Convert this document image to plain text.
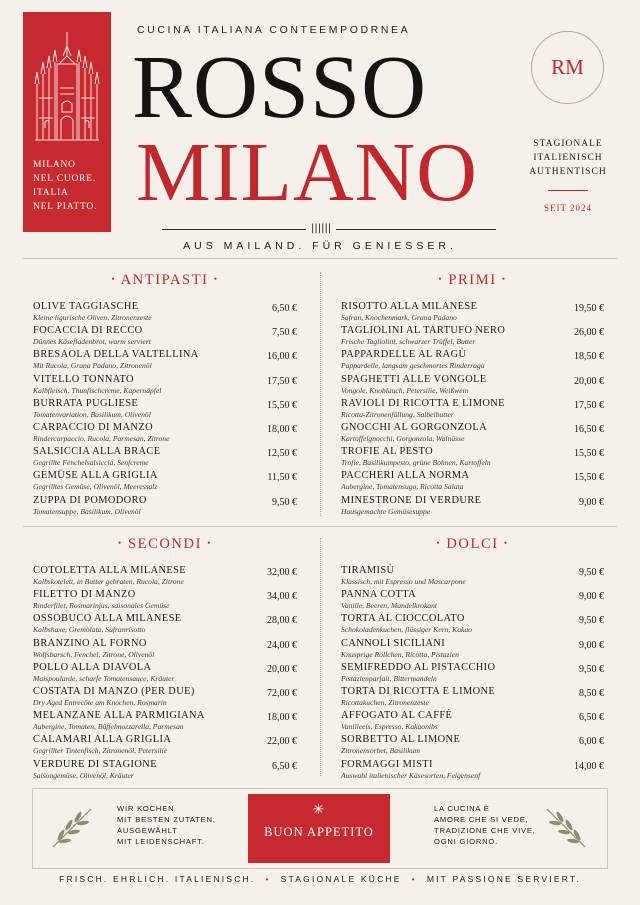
MILANO
NEL CUORE.
ITALIA
NEL PIATTO.
CUCINA ITALIANA CONTEEMPODRNEA
ROSSO
MILANO
RM
STAGIONALE
ITALIENISCH
AUTHENTISCH
SEIT 2024
||||||
AUS MAILAND. FÜR GENIESSER.
• ANTIPASTI •
OLIVE TAGGIASCHE
Kleine ligurische Oliven, Zitronenzeste
6,50 €
FOCACCIA DI RECCO
Dünnes Käsefladenbrot, warm serviert
7,50 €
BRESAOLA DELLA VALTELLINA
Mit Rucola, Grana Padano, Zitronenöl
16,00 €
VITELLO TONNATO
Kalbfleisch, Thunfischcreme, Kapernäpfel
17,50 €
BURRATA PUGLIESE
Tomatenvariation, Basilikum, Olivenöl
15,50 €
CARPACCIO DI MANZO
Rindercarpaccio, Rucola, Parmesan, Zitrone
18,00 €
SALSICCIA ALLA BRACE
Gegrillte Fenchelsalsiccia, Senfcreme
12,50 €
GEMÜSE ALLA GRIGLIA
Gegrilltes Gemüse, Olivenöl, Meeressalz
11,50 €
ZUPPA DI POMODORO
Tomatensuppe, Basilikum, Olivenöl
9,50 €
• PRIMI •
RISOTTO ALLA MILANESE
Safran, Knochenmark, Grana Padano
19,50 €
TAGLIOLINI AL TARTUFO NERO
Frische Tagliolini, schwarzer Trüffel, Butter
26,00 €
PAPPARDELLE AL RAGÙ
Pappardelle, langsam geschmortes Rinderragù
18,50 €
SPAGHETTI ALLE VONGOLE
Vongole, Knoblauch, Petersilie, Weißwein
20,00 €
RAVIOLI DI RICOTTA E LIMONE
Ricotta-Zitronenfüllung, Salbeibutter
17,50 €
GNOCCHI AL GORGONZOLA
Kartoffelgnocchi, Gorgonzola, Walnüsse
16,50 €
TROFIE AL PESTO
Trofie, Basilikumpesto, grüne Bohnen, Kartoffeln
15,50 €
PACCHERI ALLA NORMA
Aubergine, Tomatensugo, Ricotta Salata
15,50 €
MINESTRONE DI VERDURE
Hausgemachte Gemüsesuppe
9,00 €
• SECONDI •
COTOLETTA ALLA MILANESE
Kalbskotelett, in Butter gebraten, Rucola, Zitrone
32,00 €
FILETTO DI MANZO
Rinderfilet, Rosmarinjus, saisonales Gemüse
34,00 €
OSSOBUCO ALLA MILANESE
Kalbshaxe, Gremolata, Safranrisotto
28,00 €
BRANZINO AL FORNO
Wolfsbarsch, Fenchel, Zitrone, Olivenöl
24,00 €
POLLO ALLA DIAVOLA
Maispoularde, scharfe Tomatensauce, Kräuter
20,00 €
COSTATA DI MANZO (PER DUE)
Dry Aged Entrecôte am Knochen, Rosmarin
72,00 €
MELANZANE ALLA PARMIGIANA
Aubergine, Tomaten, Büffelmozzarella, Parmesan
18,00 €
CALAMARI ALLA GRIGLIA
Gegrillter Tintenfisch, Zitronenöl, Petersilie
22,00 €
VERDURE DI STAGIONE
Saisongemüse, Olivenöl, Kräuter
6,50 €
• DOLCI •
TIRAMISÙ
Klassisch, mit Espresso und Mascarpone
9,50 €
PANNA COTTA
Vanille, Beeren, Mandelkrokant
9,00 €
TORTA AL CIOCCOLATO
Schokoladenkuchen, flüssiger Kern, Kakao
9,50 €
CANNOLI SICILIANI
Knusprige Röllchen, Ricotta, Pistazien
9,00 €
SEMIFREDDO AL PISTACCHIO
Pistazienparfait, Bittermandeln
9,50 €
TORTA DI RICOTTA E LIMONE
Ricottakuchen, Zitronenzeste
8,50 €
AFFOGATO AL CAFFÈ
Vanilleeis, Espresso, Kakaonibs
6,50 €
SORBETTO AL LIMONE
Zitronensorbet, Basilikum
6,00 €
FORMAGGI MISTI
Auswahl italienischer Käsesorten, Feigensenf
14,00 €
WIR KOCHEN
MIT BESTEN ZUTATEN,
AUSGEWÄHLT
MIT LEIDENSCHAFT.
LA CUCINA È
AMORE CHE SI VEDE,
TRADIZIONE CHE VIVE,
OGNI GIORNO.
✳
BUON APPETITO
FRISCH. EHRLICH. ITALIENISCH. • STAGIONALE KÜCHE • MIT PASSIONE SERVIERT.
